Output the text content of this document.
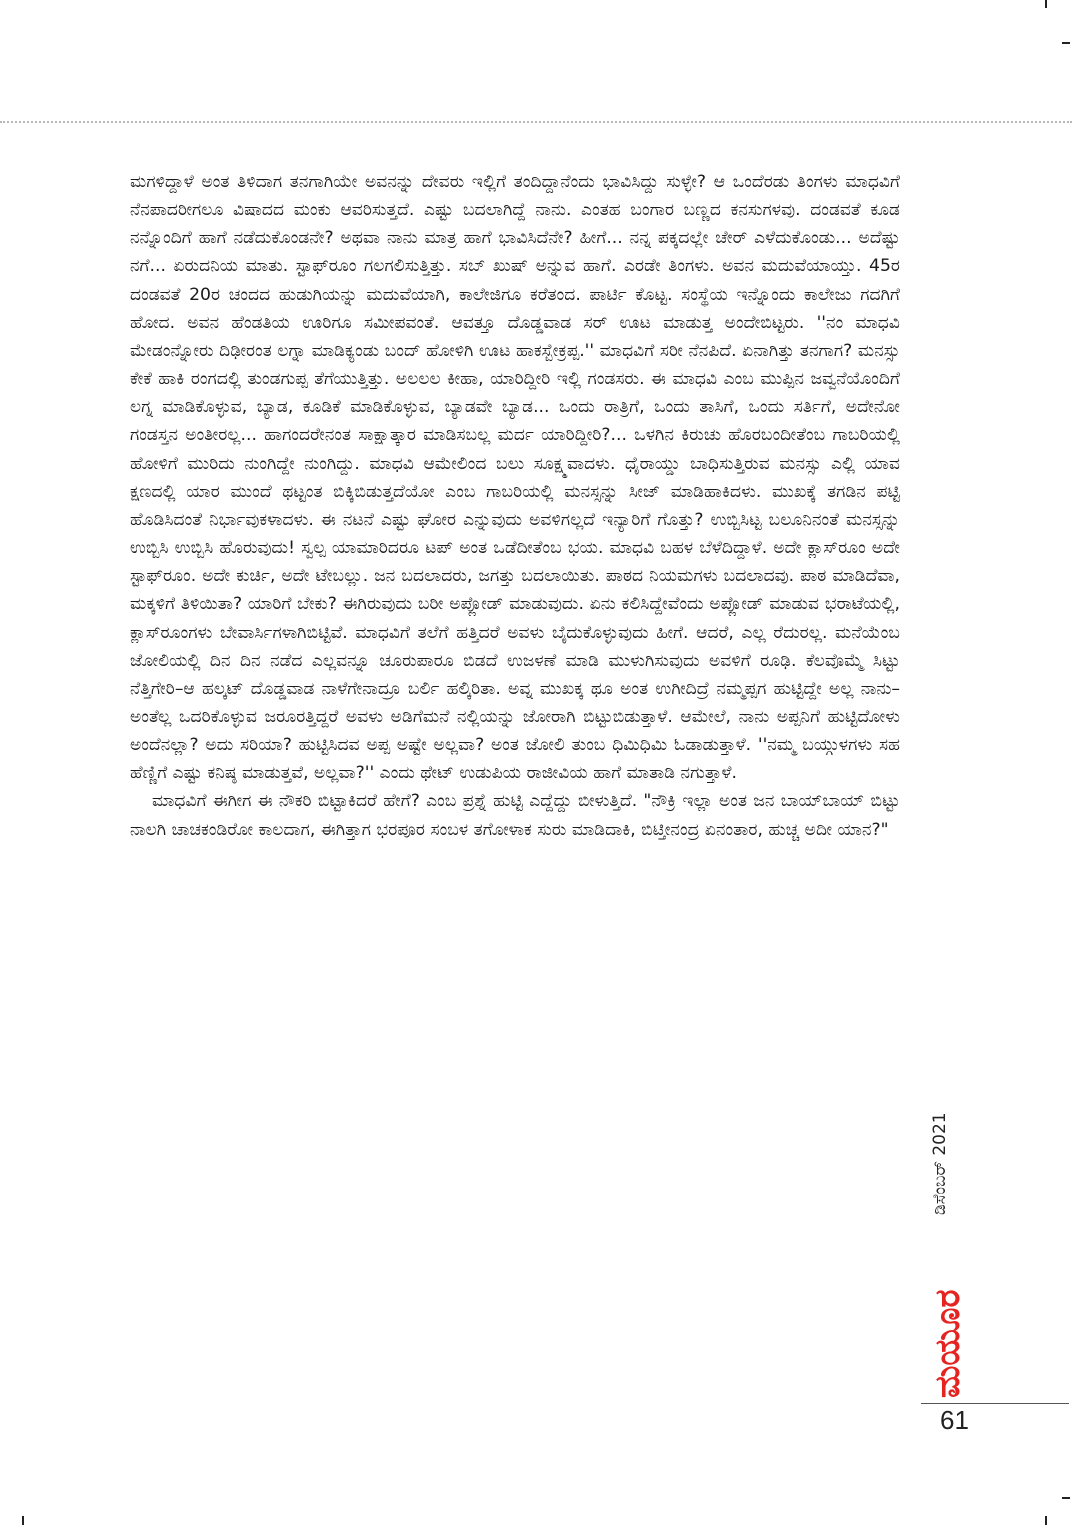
ಮಗಳಿದ್ದಾಳೆ ಅಂತ ತಿಳಿದಾಗ ತನಗಾಗಿಯೇ ಅವನನ್ನು ದೇವರು ಇಲ್ಲಿಗೆ ತಂದಿದ್ದಾನೆಂದು ಭಾವಿಸಿದ್ದು ಸುಳ್ಳೇ? ಆ ಒಂದೆರಡು ತಿಂಗಳು ಮಾಧವಿಗೆ ನೆನಪಾದರೀಗಲೂ ವಿಷಾದದ ಮಂಕು ಆವರಿಸುತ್ತದೆ. ಎಷ್ಟು ಬದಲಾಗಿದ್ದೆ ನಾನು. ಎಂತಹ ಬಂಗಾರ ಬಣ್ಣದ ಕನಸುಗಳವು. ದಂಡವತೆ ಕೂಡ ನನ್ನೊಂದಿಗೆ ಹಾಗೆ ನಡೆದುಕೊಂಡನೇ? ಅಥವಾ ನಾನು ಮಾತ್ರ ಹಾಗೆ ಭಾವಿಸಿದೆನೇ? ಹೀಗೆ... ನನ್ನ ಪಕ್ಕದಲ್ಲೇ ಚೇರ್ ಎಳೆದುಕೊಂಡು... ಅದೆಷ್ಟು ನಗೆ... ಏರುದನಿಯ ಮಾತು. ಸ್ಟಾಫ್‌ರೂಂ ಗಲಗಲಿಸುತ್ತಿತ್ತು. ಸಬ್ ಖುಷ್ ಅನ್ನುವ ಹಾಗೆ. ಎರಡೇ ತಿಂಗಳು. ಅವನ ಮದುವೆಯಾಯ್ತು. 45ರ ದಂಡವತೆ 20ರ ಚಂದದ ಹುಡುಗಿಯನ್ನು ಮದುವೆಯಾಗಿ, ಕಾಲೇಜಿಗೂ ಕರೆತಂದ. ಪಾರ್ಟಿ ಕೊಟ್ಟ. ಸಂಸ್ಥೆಯ ಇನ್ನೊಂದು ಕಾಲೇಜು ಗದಗಿಗೆ ಹೋದ. ಅವನ ಹೆಂಡತಿಯ ಊರಿಗೂ ಸಮೀಪವಂತೆ. ಆವತ್ತೂ ದೊಡ್ಡವಾಡ ಸರ್ ಊಟ ಮಾಡುತ್ತ ಅಂದೇಬಿಟ್ಟರು. ''ನಂ ಮಾಧವಿ ಮೇಡಂನ್ನೋರು ದಿಢೀರಂತ ಲಗ್ನಾ ಮಾಡಿಕ್ಯಂಡು ಬಂದ್ ಹೋಳಿಗಿ ಊಟ ಹಾಕಸ್ಬೇಕ್ರಪ್ಪ.'' ಮಾಧವಿಗೆ ಸರೀ ನೆನಪಿದೆ. ಏನಾಗಿತ್ತು ತನಗಾಗ? ಮನಸ್ಸು ಕೇಕೆ ಹಾಕಿ ರಂಗದಲ್ಲಿ ತುಂಡಗುಪ್ಪ ತೆಗೆಯುತ್ತಿತ್ತು. ಅಲಲಲ ಕೀಹಾ, ಯಾರಿದ್ದೀರಿ ಇಲ್ಲಿ ಗಂಡಸರು. ಈ ಮಾಧವಿ ಎಂಬ ಮುಪ್ಪಿನ ಜವ್ವನೆಯೊಂದಿಗೆ ಲಗ್ನ ಮಾಡಿಕೊಳ್ಳುವ, ಬ್ಯಾಡ, ಕೂಡಿಕೆ ಮಾಡಿಕೊಳ್ಳುವ, ಬ್ಯಾಡವೇ ಬ್ಯಾಡ... ಒಂದು ರಾತ್ರಿಗೆ, ಒಂದು ತಾಸಿಗೆ, ಒಂದು ಸರ್ತಿಗೆ, ಅದೇನೋ ಗಂಡಸ್ತನ ಅಂತೀರಲ್ಲ... ಹಾಗಂದರೇನಂತ ಸಾಕ್ಷಾತ್ಕಾರ ಮಾಡಿಸಬಲ್ಲ ಮರ್ದ ಯಾರಿದ್ದೀರಿ?... ಒಳಗಿನ ಕಿರುಚು ಹೊರಬಂದೀತೆಂಬ ಗಾಬರಿಯಲ್ಲಿ ಹೋಳಿಗೆ ಮುರಿದು ನುಂಗಿದ್ದೇ ನುಂಗಿದ್ದು. ಮಾಧವಿ ಆಮೇಲಿಂದ ಬಲು ಸೂಕ್ಷ್ಮವಾದಳು. ಧೈರಾಯ್ಡು ಬಾಧಿಸುತ್ತಿರುವ ಮನಸ್ಸು ಎಲ್ಲಿ ಯಾವ ಕ್ಷಣದಲ್ಲಿ ಯಾರ ಮುಂದೆ ಥಟ್ಟಂತ ಬಿಕ್ಕಿಬಿಡುತ್ತದೆಯೋ ಎಂಬ ಗಾಬರಿಯಲ್ಲಿ ಮನಸ್ಸನ್ನು ಸೀಜ್ ಮಾಡಿಹಾಕಿದಳು. ಮುಖಕ್ಕೆ ತಗಡಿನ ಪಟ್ಟಿ ಹೊಡಿಸಿದಂತೆ ನಿರ್ಭಾವುಕಳಾದಳು. ಈ ನಟನೆ ಎಷ್ಟು ಘೋರ ಎನ್ನುವುದು ಅವಳಿಗಲ್ಲದೆ ಇನ್ಯಾರಿಗೆ ಗೊತ್ತು? ಉಬ್ಬಿಸಿಟ್ಟ ಬಲೂನಿನಂತೆ ಮನಸ್ಸನ್ನು ಉಬ್ಬಿಸಿ ಉಬ್ಬಿಸಿ ಹೊರುವುದು! ಸ್ವಲ್ಪ ಯಾಮಾರಿದರೂ ಟಪ್ ಅಂತ ಒಡೆದೀತೆಂಬ ಭಯ. ಮಾಧವಿ ಬಹಳ ಬೆಳೆದಿದ್ದಾಳೆ. ಅದೇ ಕ್ಲಾಸ್‌ರೂಂ ಅದೇ ಸ್ಟಾಫ್‌ರೂಂ. ಅದೇ ಕುರ್ಚಿ, ಅದೇ ಟೇಬಲ್ಲು. ಜನ ಬದಲಾದರು, ಜಗತ್ತು ಬದಲಾಯಿತು. ಪಾಠದ ನಿಯಮಗಳು ಬದಲಾದವು. ಪಾಠ ಮಾಡಿದೆವಾ, ಮಕ್ಕಳಿಗೆ ತಿಳಿಯಿತಾ? ಯಾರಿಗೆ ಬೇಕು? ಈಗಿರುವುದು ಬರೀ ಅಪ್ಲೋಡ್ ಮಾಡುವುದು. ಏನು ಕಲಿಸಿದ್ದೇವೆಂದು ಅಪ್ಲೋಡ್ ಮಾಡುವ ಭರಾಟೆಯಲ್ಲಿ, ಕ್ಲಾಸ್‌ರೂಂಗಳು ಬೇವಾರ್ಸಿಗಳಾಗಿಬಿಟ್ಟಿವೆ. ಮಾಧವಿಗೆ ತಲೆಗೆ ಹತ್ತಿದರೆ ಅವಳು ಬೈದುಕೊಳ್ಳುವುದು ಹೀಗೆ. ಆದರೆ, ಎಲ್ಲ ರೆದುರಲ್ಲ. ಮನೆಯೆಂಬ ಜೋಲಿಯಲ್ಲಿ ದಿನ ದಿನ ನಡೆದ ಎಲ್ಲವನ್ನೂ ಚೂರುಪಾರೂ ಬಿಡದೆ ಉಜಳಣೆ ಮಾಡಿ ಮುಳುಗಿಸುವುದು ಅವಳಿಗೆ ರೂಢಿ. ಕೆಲವೊಮ್ಮೆ ಸಿಟ್ಟು ನೆತ್ತಿಗೇರಿ–ಆ ಹಲ್ಕಟ್ ದೊಡ್ಡವಾಡ ನಾಳೆಗೇನಾದ್ರೂ ಬರ್ಲಿ ಹಲ್ಕಿರಿತಾ. ಅವ್ನ ಮುಖಕ್ಕ ಥೂ ಅಂತ ಉಗೀದಿದ್ರೆ ನಮ್ಮಪ್ಪಗ ಹುಟ್ಟಿದ್ದೇ ಅಲ್ಲ ನಾನು–ಅಂತೆಲ್ಲ ಒದರಿಕೊಳ್ಳುವ ಜರೂರತ್ತಿದ್ದರೆ ಅವಳು ಅಡಿಗೆಮನೆ ನಲ್ಲಿಯನ್ನು ಜೋರಾಗಿ ಬಿಟ್ಟುಬಿಡುತ್ತಾಳೆ. ಆಮೇಲೆ, ನಾನು ಅಪ್ಪನಿಗೆ ಹುಟ್ಟಿದೋಳು ಅಂದೆನಲ್ಲಾ? ಅದು ಸರಿಯಾ? ಹುಟ್ಟಿಸಿದವ ಅಪ್ಪ ಅಷ್ಟೇ ಅಲ್ಲವಾ? ಅಂತ ಜೋಲಿ ತುಂಬ ಧಿಮಿಧಿಮಿ ಓಡಾಡುತ್ತಾಳೆ. ''ನಮ್ಮ ಬಯ್ಗುಳಗಳು ಸಹ ಹೆಣ್ಣಿಗೆ ಎಷ್ಟು ಕನಿಷ್ಠ ಮಾಡುತ್ತವೆ, ಅಲ್ಲವಾ?'' ಎಂದು ಥೇಟ್ ಉಡುಪಿಯ ರಾಜೀವಿಯ ಹಾಗೆ ಮಾತಾಡಿ ನಗುತ್ತಾಳೆ.

ಮಾಧವಿಗೆ ಈಗೀಗ ಈ ನೌಕರಿ ಬಿಟ್ಟಾಕಿದರೆ ಹೇಗೆ? ಎಂಬ ಪ್ರಶ್ನೆ ಹುಟ್ಟಿ ಎದ್ದೆದ್ದು ಬೀಳುತ್ತಿದೆ. "ನೌಕ್ರಿ ಇಲ್ಲಾ ಅಂತ ಜನ ಬಾಯ್‌ಬಾಯ್ ಬಿಟ್ಟು ನಾಲಗಿ ಚಾಚಕಂಡಿರೋ ಕಾಲದಾಗ, ಈಗಿತ್ತಾಗ ಭರಪೂರ ಸಂಬಳ ತಗೋಳಾಕ ಸುರು ಮಾಡಿದಾಕಿ, ಬಿಟ್ತೀನಂದ್ರ ಏನಂತಾರ, ಹುಚ್ಚ ಅದೀ ಯಾನ?"

ಡಿಸೆಂಬರ್ 2021
ಮಯೂರ
61
